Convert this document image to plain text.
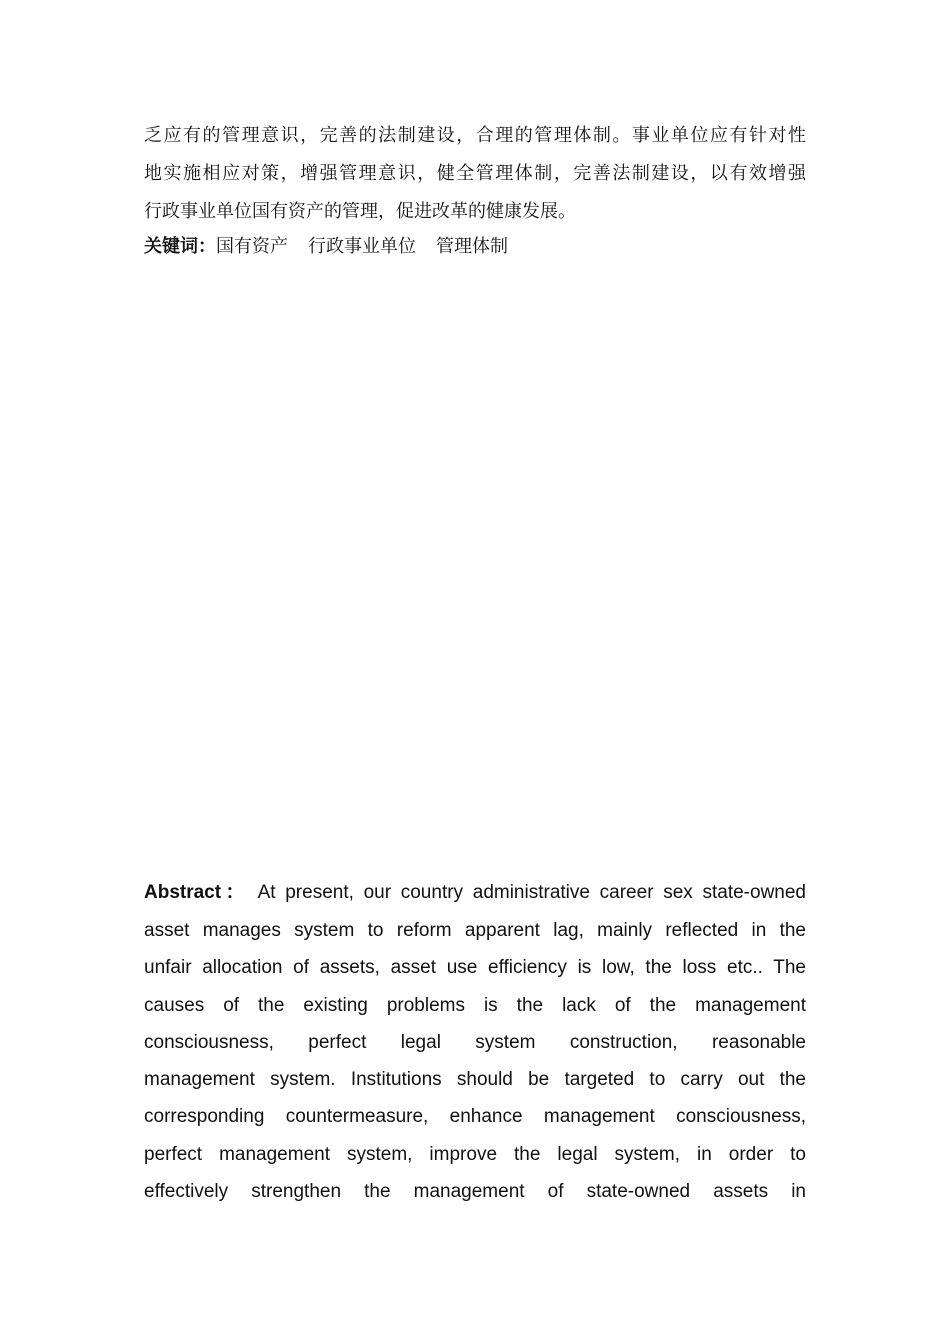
乏应有的管理意识，完善的法制建设，合理的管理体制。事业单位应有针对性
地实施相应对策，增强管理意识，健全管理体制，完善法制建设，以有效增强
行政事业单位国有资产的管理，促进改革的健康发展。
关键词：国有资产 行政事业单位 管理体制
Abstract： At present, our country administrative career sex state-owned
asset manages system to reform apparent lag, mainly reflected in the
unfair allocation of assets, asset use efficiency is low, the loss etc.. The
causes of the existing problems is the lack of the management
consciousness, perfect legal system construction, reasonable
management system. Institutions should be targeted to carry out the
corresponding countermeasure, enhance management consciousness,
perfect management system, improve the legal system, in order to
effectively strengthen the management of state-owned assets in
